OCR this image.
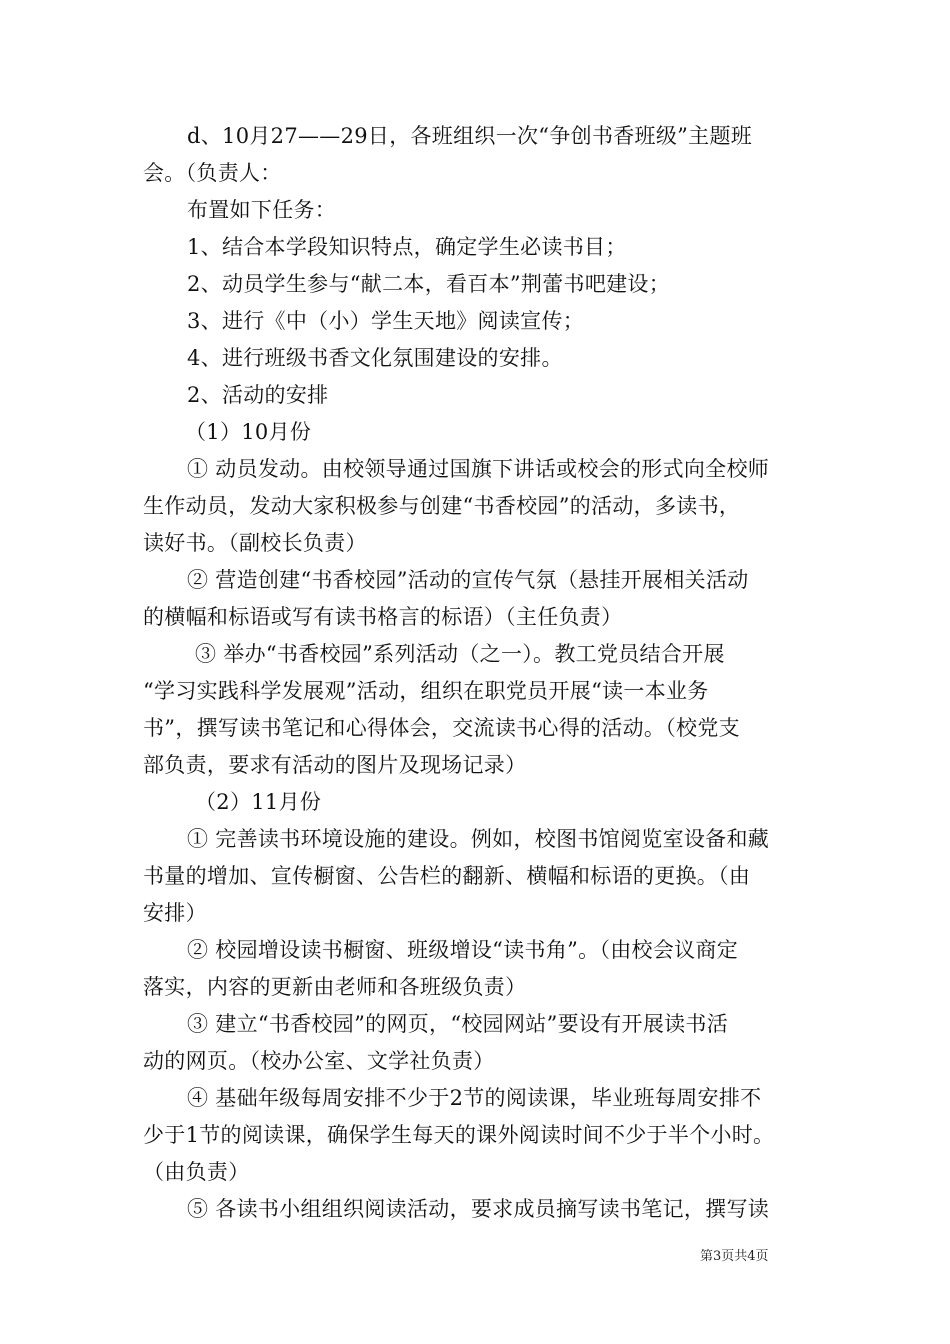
d、10月27——29日，各班组织一次“争创书香班级”主题班
会。（负责人：
布置如下任务：
1、结合本学段知识特点，确定学生必读书目；
2、动员学生参与“献二本，看百本”荆蕾书吧建设；
3、进行《中（小）学生天地》阅读宣传；
4、进行班级书香文化氛围建设的安排。
2、活动的安排
（1）10月份
① 动员发动。由校领导通过国旗下讲话或校会的形式向全校师
生作动员，发动大家积极参与创建“书香校园”的活动，多读书，
读好书。（副校长负责）
② 营造创建“书香校园”活动的宣传气氛（悬挂开展相关活动
的横幅和标语或写有读书格言的标语）（主任负责）
③ 举办“书香校园”系列活动（之一）。教工党员结合开展
“学习实践科学发展观”活动，组织在职党员开展“读一本业务
书”，撰写读书笔记和心得体会，交流读书心得的活动。（校党支
部负责，要求有活动的图片及现场记录）
（2）11月份
① 完善读书环境设施的建设。例如，校图书馆阅览室设备和藏
书量的增加、宣传橱窗、公告栏的翻新、横幅和标语的更换。（由
安排）
② 校园增设读书橱窗、班级增设“读书角”。（由校会议商定
落实，内容的更新由老师和各班级负责）
③ 建立“书香校园”的网页，“校园网站”要设有开展读书活
动的网页。（校办公室、文学社负责）
④ 基础年级每周安排不少于2节的阅读课，毕业班每周安排不
少于1节的阅读课，确保学生每天的课外阅读时间不少于半个小时。
（由负责）
⑤ 各读书小组组织阅读活动，要求成员摘写读书笔记，撰写读
第3页共4页
